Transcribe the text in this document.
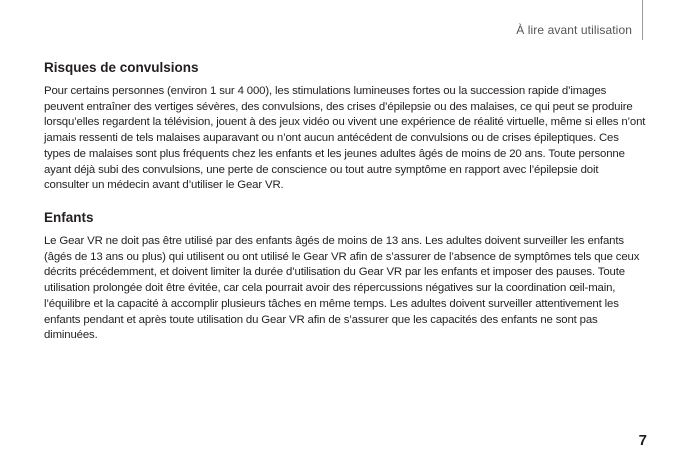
À lire avant utilisation
Risques de convulsions

Pour certains personnes (environ 1 sur 4 000), les stimulations lumineuses fortes ou la succession rapide d’images peuvent entraîner des vertiges sévères, des convulsions, des crises d’épilepsie ou des malaises, ce qui peut se produire lorsqu’elles regardent la télévision, jouent à des jeux vidéo ou vivent une expérience de réalité virtuelle, même si elles n’ont jamais ressenti de tels malaises auparavant ou n’ont aucun antécédent de convulsions ou de crises épileptiques. Ces types de malaises sont plus fréquents chez les enfants et les jeunes adultes âgés de moins de 20 ans. Toute personne ayant déjà subi des convulsions, une perte de conscience ou tout autre symptôme en rapport avec l’épilepsie doit consulter un médecin avant d’utiliser le Gear VR.

Enfants

Le Gear VR ne doit pas être utilisé par des enfants âgés de moins de 13 ans. Les adultes doivent surveiller les enfants (âgés de 13 ans ou plus) qui utilisent ou ont utilisé le Gear VR afin de s’assurer de l’absence de symptômes tels que ceux décrits précédemment, et doivent limiter la durée d’utilisation du Gear VR par les enfants et imposer des pauses. Toute utilisation prolongée doit être évitée, car cela pourrait avoir des répercussions négatives sur la coordination œil-main, l’équilibre et la capacité à accomplir plusieurs tâches en même temps. Les adultes doivent surveiller attentivement les enfants pendant et après toute utilisation du Gear VR afin de s’assurer que les capacités des enfants ne sont pas diminuées.

7
